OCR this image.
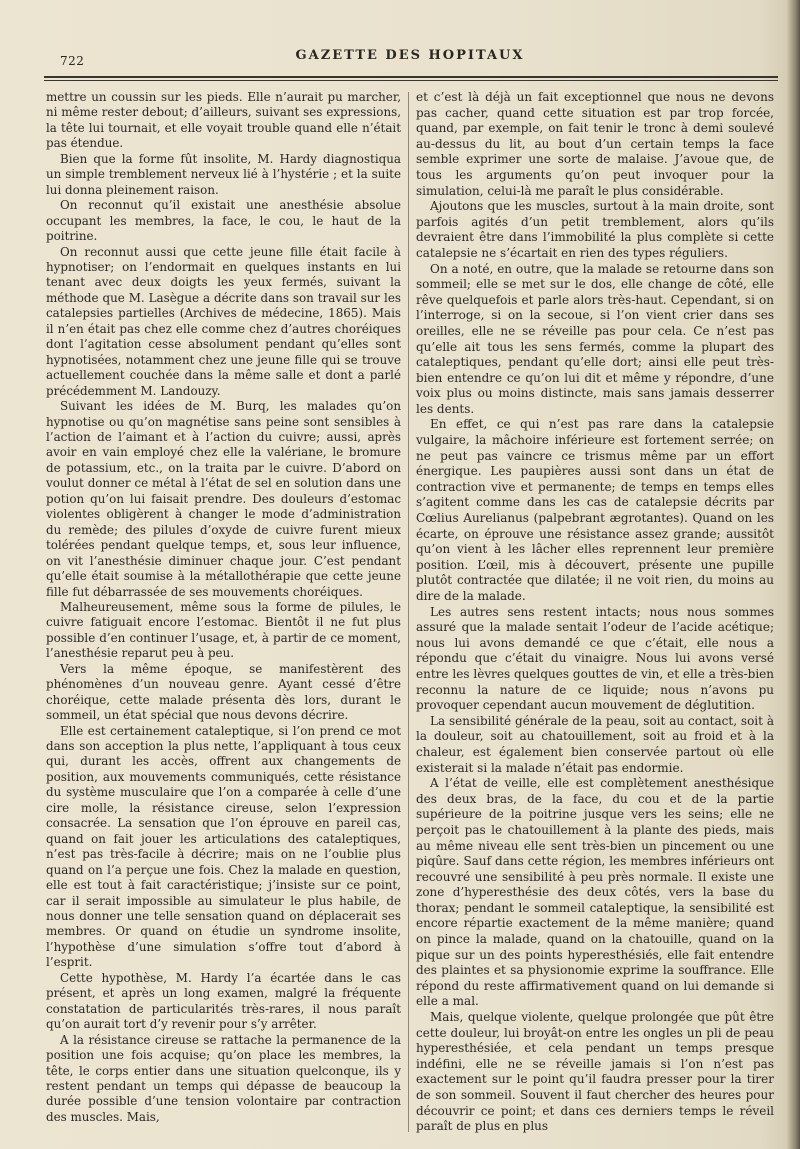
722	GAZETTE DES HOPITAUX

mettre un coussin sur les pieds. Elle n’aurait pu marcher, ni même rester debout; d’ailleurs, suivant ses expressions, la tête lui tournait, et elle voyait trouble quand elle n’était pas étendue.

Bien que la forme fût insolite, M. Hardy diagnostiqua un simple tremblement nerveux lié à l’hystérie ; et la suite lui donna pleinement raison.

On reconnut qu’il existait une anesthésie absolue occupant les membres, la face, le cou, le haut de la poitrine.

On reconnut aussi que cette jeune fille était facile à hypnotiser; on l’endormait en quelques instants en lui tenant avec deux doigts les yeux fermés, suivant la méthode que M. Lasègue a décrite dans son travail sur les catalepsies partielles (Archives de médecine, 1865). Mais il n’en était pas chez elle comme chez d’autres choréiques dont l’agitation cesse absolument pendant qu’elles sont hypnotisées, notamment chez une jeune fille qui se trouve actuellement couchée dans la même salle et dont a parlé précédemment M. Landouzy.

Suivant les idées de M. Burq, les malades qu’on hypnotise ou qu’on magnétise sans peine sont sensibles à l’action de l’aimant et à l’action du cuivre; aussi, après avoir en vain employé chez elle la valériane, le bromure de potassium, etc., on la traita par le cuivre. D’abord on voulut donner ce métal à l’état de sel en solution dans une potion qu’on lui faisait prendre. Des douleurs d’estomac violentes obligèrent à changer le mode d’administration du remède; des pilules d’oxyde de cuivre furent mieux tolérées pendant quelque temps, et, sous leur influence, on vit l’anesthésie diminuer chaque jour. C’est pendant qu’elle était soumise à la métallothérapie que cette jeune fille fut débarrassée de ses mouvements choréiques.

Malheureusement, même sous la forme de pilules, le cuivre fatiguait encore l’estomac. Bientôt il ne fut plus possible d’en continuer l’usage, et, à partir de ce moment, l’anesthésie reparut peu à peu.

Vers la même époque, se manifestèrent des phénomènes d’un nouveau genre. Ayant cessé d’être choréique, cette malade présenta dès lors, durant le sommeil, un état spécial que nous devons décrire.

Elle est certainement cataleptique, si l’on prend ce mot dans son acception la plus nette, l’appliquant à tous ceux qui, durant les accès, offrent aux changements de position, aux mouvements communiqués, cette résistance du système musculaire que l’on a comparée à celle d’une cire molle, la résistance cireuse, selon l’expression consacrée. La sensation que l’on éprouve en pareil cas, quand on fait jouer les articulations des cataleptiques, n’est pas très-facile à décrire; mais on ne l’oublie plus quand on l’a perçue une fois. Chez la malade en question, elle est tout à fait caractéristique; j’insiste sur ce point, car il serait impossible au simulateur le plus habile, de nous donner une telle sensation quand on déplacerait ses membres. Or quand on étudie un syndrome insolite, l’hypothèse d’une simulation s’offre tout d’abord à l’esprit.

Cette hypothèse, M. Hardy l’a écartée dans le cas présent, et après un long examen, malgré la fréquente constatation de particularités très-rares, il nous paraît qu’on aurait tort d’y revenir pour s’y arrêter.

A la résistance cireuse se rattache la permanence de la position une fois acquise; qu’on place les membres, la tête, le corps entier dans une situation quelconque, ils y restent pendant un temps qui dépasse de beaucoup la durée possible d’une tension volontaire par contraction des muscles. Mais,

et c’est là déjà un fait exceptionnel que nous ne devons pas cacher, quand cette situation est par trop forcée, quand, par exemple, on fait tenir le tronc à demi soulevé au-dessus du lit, au bout d’un certain temps la face semble exprimer une sorte de malaise. J’avoue que, de tous les arguments qu’on peut invoquer pour la simulation, celui-là me paraît le plus considérable.

Ajoutons que les muscles, surtout à la main droite, sont parfois agités d’un petit tremblement, alors qu’ils devraient être dans l’immobilité la plus complète si cette catalepsie ne s’écartait en rien des types réguliers.

On a noté, en outre, que la malade se retourne dans son sommeil; elle se met sur le dos, elle change de côté, elle rêve quelquefois et parle alors très-haut. Cependant, si on l’interroge, si on la secoue, si l’on vient crier dans ses oreilles, elle ne se réveille pas pour cela. Ce n’est pas qu’elle ait tous les sens fermés, comme la plupart des cataleptiques, pendant qu’elle dort; ainsi elle peut très-bien entendre ce qu’on lui dit et même y répondre, d’une voix plus ou moins distincte, mais sans jamais desserrer les dents.

En effet, ce qui n’est pas rare dans la catalepsie vulgaire, la mâchoire inférieure est fortement serrée; on ne peut pas vaincre ce trismus même par un effort énergique. Les paupières aussi sont dans un état de contraction vive et permanente; de temps en temps elles s’agitent comme dans les cas de catalepsie décrits par Cœlius Aurelianus (palpebrant ægrotantes). Quand on les écarte, on éprouve une résistance assez grande; aussitôt qu’on vient à les lâcher elles reprennent leur première position. L’œil, mis à découvert, présente une pupille plutôt contractée que dilatée; il ne voit rien, du moins au dire de la malade.

Les autres sens restent intacts; nous nous sommes assuré que la malade sentait l’odeur de l’acide acétique; nous lui avons demandé ce que c’était, elle nous a répondu que c’était du vinaigre. Nous lui avons versé entre les lèvres quelques gouttes de vin, et elle a très-bien reconnu la nature de ce liquide; nous n’avons pu provoquer cependant aucun mouvement de déglutition.

La sensibilité générale de la peau, soit au contact, soit à la douleur, soit au chatouillement, soit au froid et à la chaleur, est également bien conservée partout où elle existerait si la malade n’était pas endormie.

A l’état de veille, elle est complètement anesthésique des deux bras, de la face, du cou et de la partie supérieure de la poitrine jusque vers les seins; elle ne perçoit pas le chatouillement à la plante des pieds, mais au même niveau elle sent très-bien un pincement ou une piqûre. Sauf dans cette région, les membres inférieurs ont recouvré une sensibilité à peu près normale. Il existe une zone d’hyperesthésie des deux côtés, vers la base du thorax; pendant le sommeil cataleptique, la sensibilité est encore répartie exactement de la même manière; quand on pince la malade, quand on la chatouille, quand on la pique sur un des points hyperesthésiés, elle fait entendre des plaintes et sa physionomie exprime la souffrance. Elle répond du reste affirmativement quand on lui demande si elle a mal.

Mais, quelque violente, quelque prolongée que pût être cette douleur, lui broyât-on entre les ongles un pli de peau hyperesthésiée, et cela pendant un temps presque indéfini, elle ne se réveille jamais si l’on n’est pas exactement sur le point qu’il faudra presser pour la tirer de son sommeil. Souvent il faut chercher des heures pour découvrir ce point; et dans ces derniers temps le réveil paraît de plus en plus
